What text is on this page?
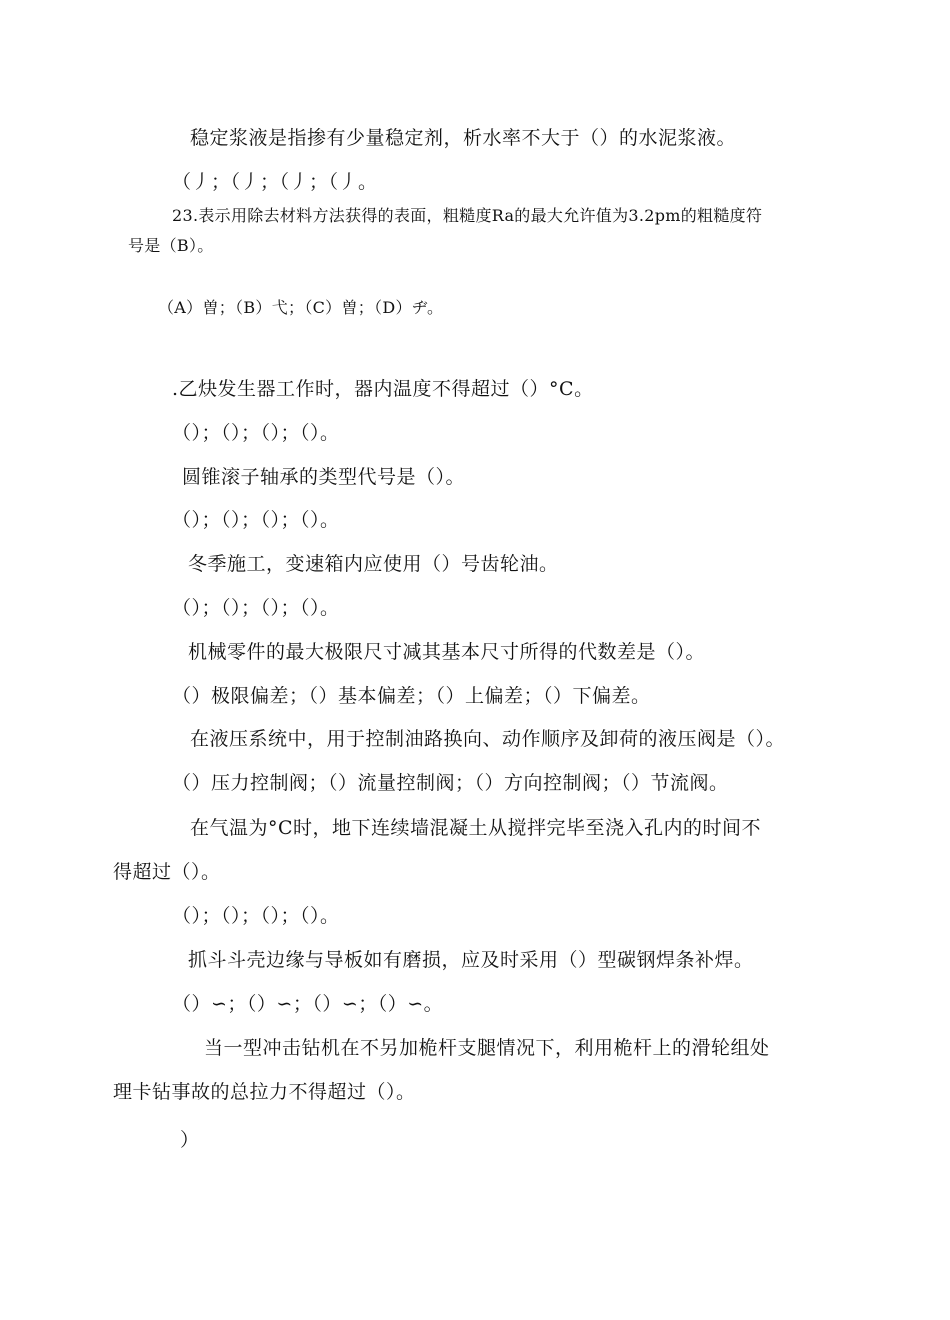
稳定浆液是指掺有少量稳定剂，析水率不大于（）的水泥浆液。
（丿；（丿；（丿；（丿。
23.表示用除去材料方法获得的表面，粗糙度Ra的最大允许值为3.2pm的粗糙度符
号是（B）。
（A）曽；（B）弋；（C）曽；（D）ヂ。
.乙炔发生器工作时，器内温度不得超过（）°C。
（）；（）；（）；（）。
圆锥滚子轴承的类型代号是（）。
（）；（）；（）；（）。
冬季施工，变速箱内应使用（）号齿轮油。
（）；（）；（）；（）。
机械零件的最大极限尺寸减其基本尺寸所得的代数差是（）。
（）极限偏差；（）基本偏差；（）上偏差；（）下偏差。
在液压系统中，用于控制油路换向、动作顺序及卸荷的液压阀是（）。
（）压力控制阀；（）流量控制阀；（）方向控制阀；（）节流阀。
在气温为°C时，地下连续墙混凝土从搅拌完毕至浇入孔内的时间不
得超过（）。
（）；（）；（）；（）。
抓斗斗壳边缘与导板如有磨损，应及时采用（）型碳钢焊条补焊。
（）∽；（）∽；（）∽；（）∽。
当一型冲击钻机在不另加桅杆支腿情况下，利用桅杆上的滑轮组处
理卡钻事故的总拉力不得超过（）。
）
